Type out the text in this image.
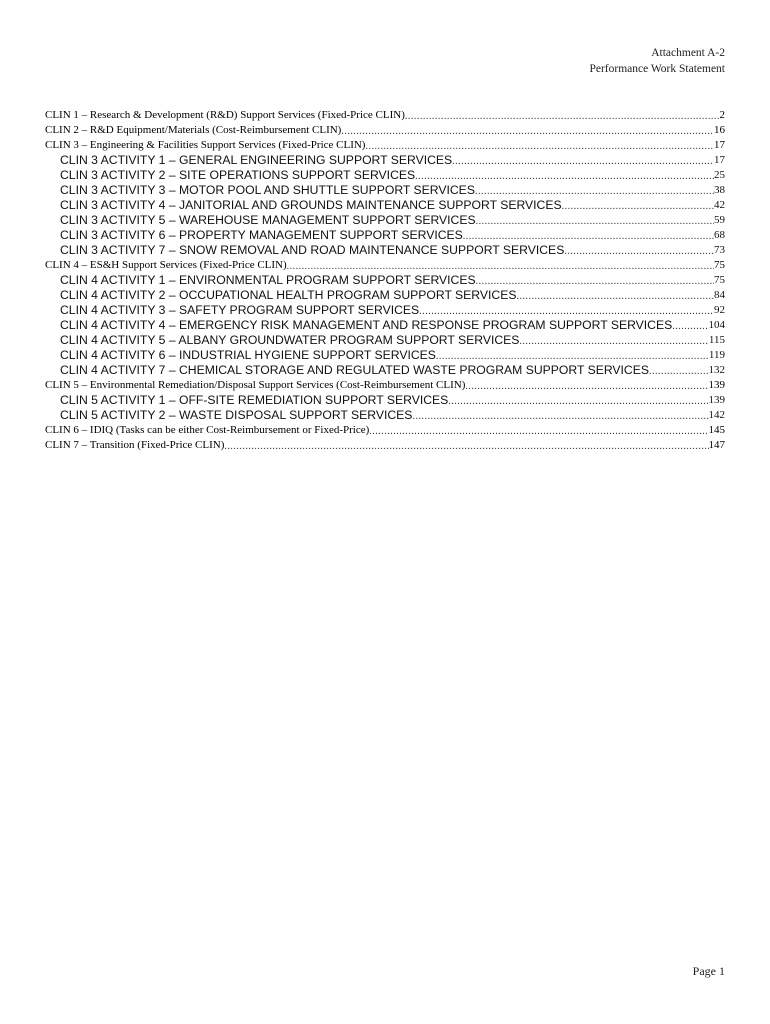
Attachment A-2
Performance Work Statement
CLIN 1 – Research & Development (R&D) Support Services (Fixed-Price CLIN) .....	2
CLIN 2 – R&D Equipment/Materials (Cost-Reimbursement CLIN) .....	16
CLIN 3 – Engineering & Facilities Support Services (Fixed-Price CLIN) .....	17
CLIN 3 ACTIVITY 1 – GENERAL ENGINEERING SUPPORT SERVICES .....	17
CLIN 3 ACTIVITY 2 – SITE OPERATIONS SUPPORT SERVICES .....	25
CLIN 3 ACTIVITY 3 – MOTOR POOL AND SHUTTLE SUPPORT SERVICES .....	38
CLIN 3 ACTIVITY 4 – JANITORIAL AND GROUNDS MAINTENANCE SUPPORT SERVICES .....	42
CLIN 3 ACTIVITY 5 – WAREHOUSE MANAGEMENT SUPPORT SERVICES .....	59
CLIN 3 ACTIVITY 6 – PROPERTY MANAGEMENT SUPPORT SERVICES .....	68
CLIN 3 ACTIVITY 7 – SNOW REMOVAL AND ROAD MAINTENANCE SUPPORT SERVICES .....	73
CLIN 4 – ES&H Support Services (Fixed-Price CLIN) .....	75
CLIN 4 ACTIVITY 1 – ENVIRONMENTAL PROGRAM SUPPORT SERVICES .....	75
CLIN 4 ACTIVITY 2 – OCCUPATIONAL HEALTH PROGRAM SUPPORT SERVICES .....	84
CLIN 4 ACTIVITY 3 – SAFETY PROGRAM SUPPORT SERVICES .....	92
CLIN 4 ACTIVITY 4 – EMERGENCY RISK MANAGEMENT AND RESPONSE PROGRAM SUPPORT SERVICES .....	104
CLIN 4 ACTIVITY 5 – ALBANY GROUNDWATER PROGRAM SUPPORT SERVICES .....	115
CLIN 4 ACTIVITY 6 – INDUSTRIAL HYGIENE SUPPORT SERVICES .....	119
CLIN 4 ACTIVITY 7 – CHEMICAL STORAGE AND REGULATED WASTE PROGRAM SUPPORT SERVICES .....	132
CLIN 5 – Environmental Remediation/Disposal Support Services (Cost-Reimbursement CLIN) .....	139
CLIN 5 ACTIVITY 1 – OFF-SITE REMEDIATION SUPPORT SERVICES .....	139
CLIN 5 ACTIVITY 2 – WASTE DISPOSAL SUPPORT SERVICES .....	142
CLIN 6 – IDIQ (Tasks can be either Cost-Reimbursement or Fixed-Price) .....	145
CLIN 7 – Transition (Fixed-Price CLIN) .....	147
Page 1
